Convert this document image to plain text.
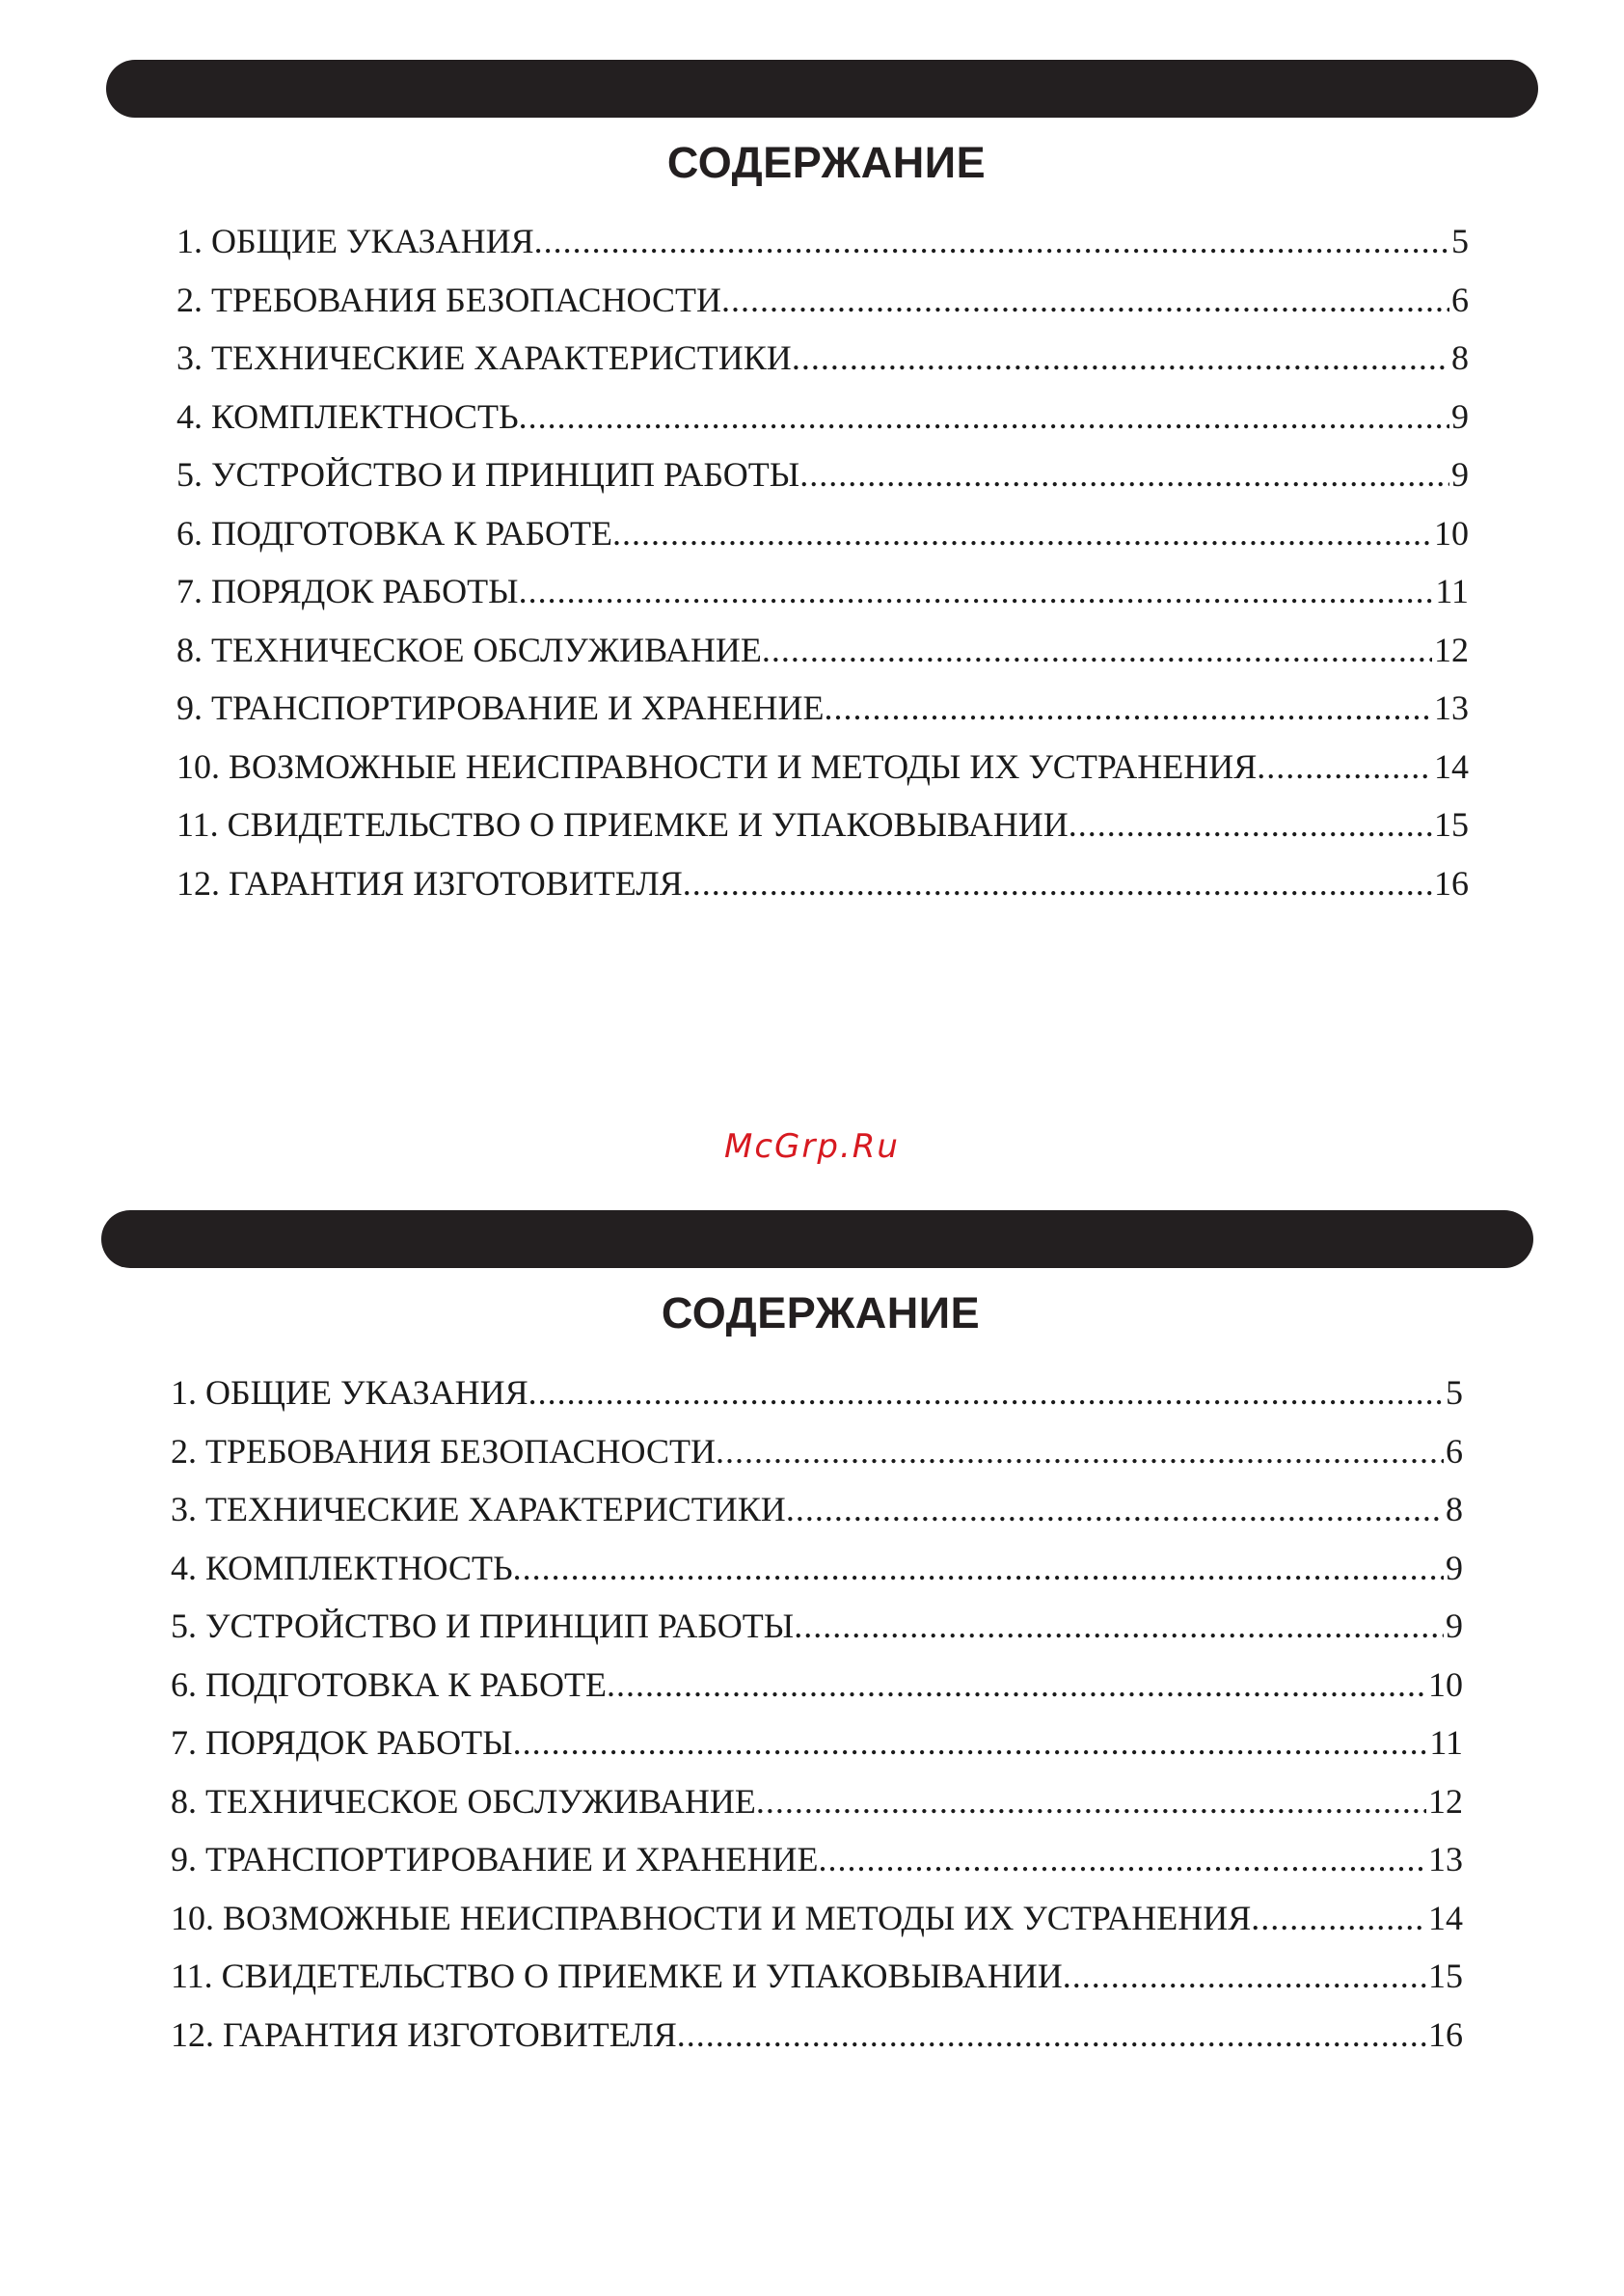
СОДЕРЖАНИЕ
1. ОБЩИЕ УКАЗАНИЯ .....	5
2. ТРЕБОВАНИЯ БЕЗОПАСНОСТИ .....	6
3. ТЕХНИЧЕСКИЕ ХАРАКТЕРИСТИКИ .....	8
4. КОМПЛЕКТНОСТЬ .....	9
5. УСТРОЙСТВО И ПРИНЦИП РАБОТЫ .....	9
6. ПОДГОТОВКА К РАБОТЕ .....	10
7. ПОРЯДОК РАБОТЫ .....	11
8. ТЕХНИЧЕСКОЕ ОБСЛУЖИВАНИЕ .....	12
9. ТРАНСПОРТИРОВАНИЕ И ХРАНЕНИЕ .....	13
10. ВОЗМОЖНЫЕ НЕИСПРАВНОСТИ И МЕТОДЫ ИХ УСТРАНЕНИЯ .....	14
11. СВИДЕТЕЛЬСТВО О ПРИЕМКЕ И УПАКОВЫВАНИИ .....	15
12. ГАРАНТИЯ ИЗГОТОВИТЕЛЯ .....	16
McGrp.Ru
СОДЕРЖАНИЕ
1. ОБЩИЕ УКАЗАНИЯ .....	5
2. ТРЕБОВАНИЯ БЕЗОПАСНОСТИ .....	6
3. ТЕХНИЧЕСКИЕ ХАРАКТЕРИСТИКИ .....	8
4. КОМПЛЕКТНОСТЬ .....	9
5. УСТРОЙСТВО И ПРИНЦИП РАБОТЫ .....	9
6. ПОДГОТОВКА К РАБОТЕ .....	10
7. ПОРЯДОК РАБОТЫ .....	11
8. ТЕХНИЧЕСКОЕ ОБСЛУЖИВАНИЕ .....	12
9. ТРАНСПОРТИРОВАНИЕ И ХРАНЕНИЕ .....	13
10. ВОЗМОЖНЫЕ НЕИСПРАВНОСТИ И МЕТОДЫ ИХ УСТРАНЕНИЯ .....	14
11. СВИДЕТЕЛЬСТВО О ПРИЕМКЕ И УПАКОВЫВАНИИ .....	15
12. ГАРАНТИЯ ИЗГОТОВИТЕЛЯ .....	16
